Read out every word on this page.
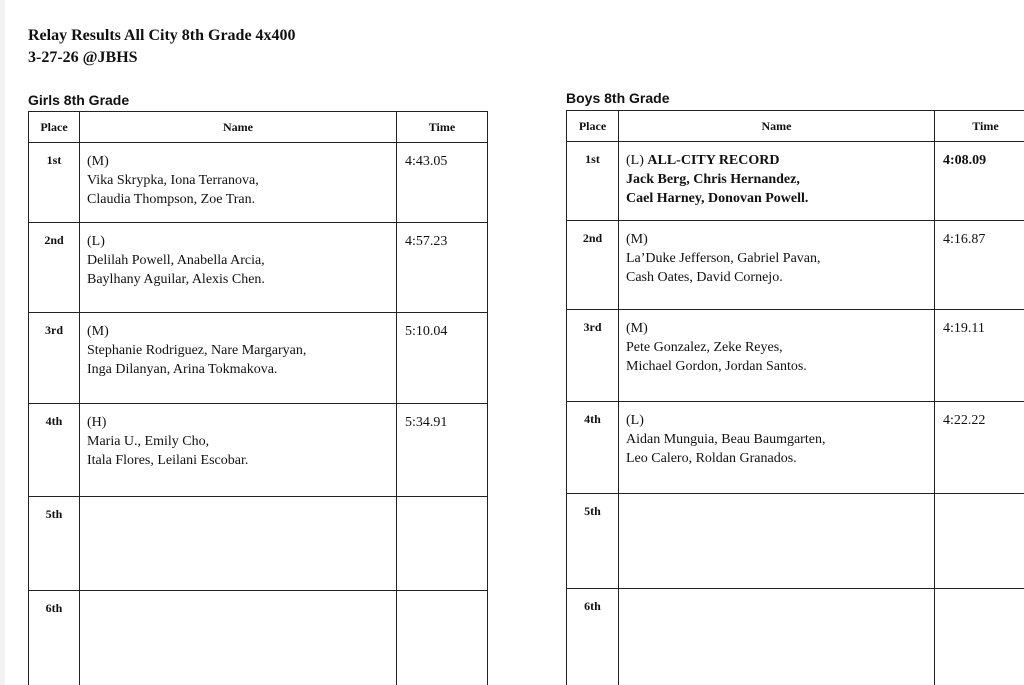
Relay Results All City 8th Grade 4x400
3-27-26 @JBHS
Girls 8th Grade
Place	Name	Time
1st	(M)
Vika Skrypka, Iona Terranova,
Claudia Thompson, Zoe Tran.	4:43.05
2nd	(L)
Delilah Powell, Anabella Arcia,
Baylhany Aguilar, Alexis Chen.	4:57.23
3rd	(M)
Stephanie Rodriguez, Nare Margaryan,
Inga Dilanyan, Arina Tokmakova.	5:10.04
4th	(H)
Maria U., Emily Cho,
Itala Flores, Leilani Escobar.	5:34.91
5th		
6th		
Boys 8th Grade
Place	Name	Time
1st	(L) ALL-CITY RECORD
Jack Berg, Chris Hernandez,
Cael Harney, Donovan Powell.	4:08.09
2nd	(M)
La’Duke Jefferson, Gabriel Pavan,
Cash Oates, David Cornejo.	4:16.87
3rd	(M)
Pete Gonzalez, Zeke Reyes,
Michael Gordon, Jordan Santos.	4:19.11
4th	(L)
Aidan Munguia, Beau Baumgarten,
Leo Calero, Roldan Granados.	4:22.22
5th		
6th		
